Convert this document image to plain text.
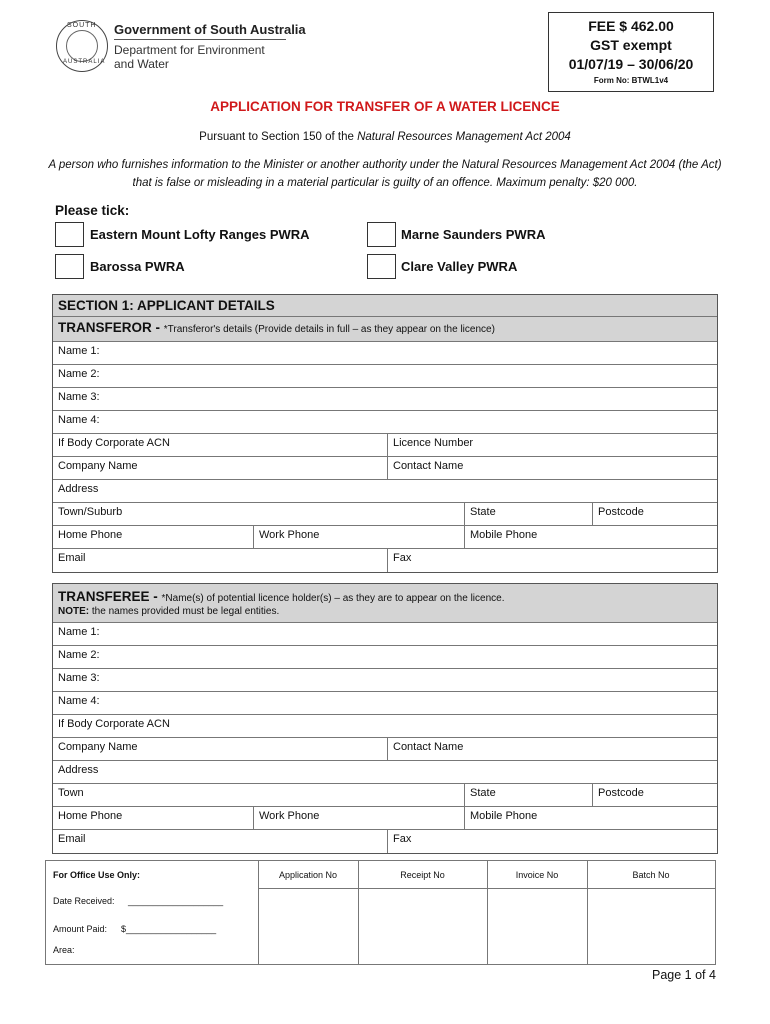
SOUTH
AUSTRALIA
Government of South Australia
Department for Environment
and Water
FEE $ 462.00
GST exempt
01/07/19 – 30/06/20
Form No: BTWL1v4
APPLICATION FOR TRANSFER OF A WATER LICENCE
Pursuant to Section 150 of the Natural Resources Management Act 2004
A person who furnishes information to the Minister or another authority under the Natural Resources Management Act 2004 (the Act) that is false or misleading in a material particular is guilty of an offence. Maximum penalty: $20 000.
Please tick:
Eastern Mount Lofty Ranges PWRA	Marne Saunders PWRA
Barossa PWRA	Clare Valley PWRA
SECTION 1: APPLICANT DETAILS
TRANSFEROR - *Transferor's details (Provide details in full – as they appear on the licence)
Name 1:
Name 2:
Name 3:
Name 4:
If Body Corporate ACN	Licence Number
Company Name	Contact Name
Address
Town/Suburb	State	Postcode
Home Phone	Work Phone	Mobile Phone
Email	Fax
TRANSFEREE - *Name(s) of potential licence holder(s) – as they are to appear on the licence.
NOTE: the names provided must be legal entities.
Name 1:
Name 2:
Name 3:
Name 4:
If Body Corporate ACN
Company Name	Contact Name
Address
Town	State	Postcode
Home Phone	Work Phone	Mobile Phone
Email	Fax
For Office Use Only:
Date Received: ___________________
Amount Paid: $__________________
Area:
Application No	Receipt No	Invoice No	Batch No
Page 1 of 4
